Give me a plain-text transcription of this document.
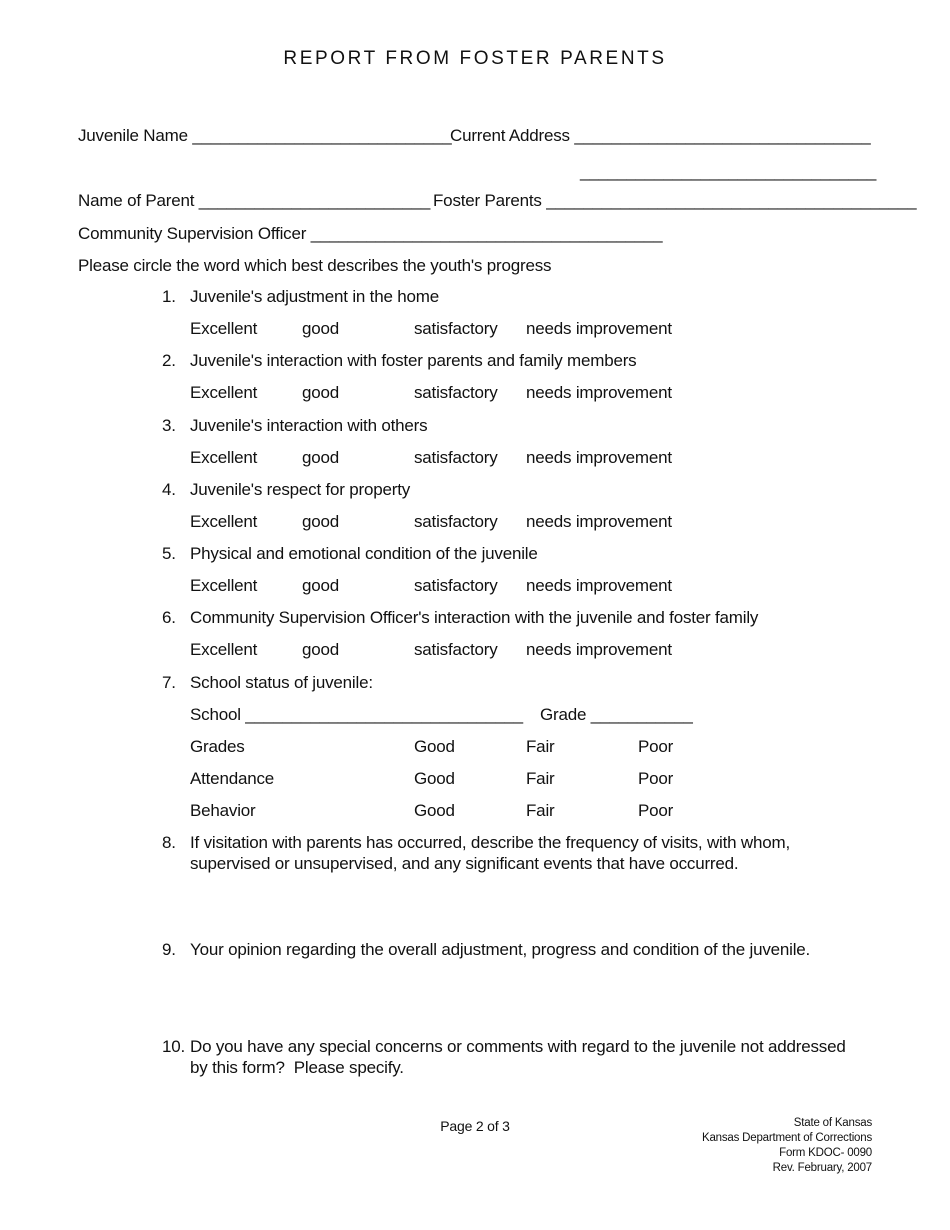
REPORT FROM FOSTER PARENTS
Juvenile Name ____________________________
Current Address ________________________________
________________________________
Name of Parent _________________________ Foster Parents ________________________________________
Community Supervision Officer ______________________________________
Please circle the word which best describes the youth's progress
1. Juvenile's adjustment in the home
Excellent	good	satisfactory needs improvement
2. Juvenile's interaction with foster parents and family members
Excellent	good	satisfactory needs improvement
3. Juvenile's interaction with others
Excellent	good	satisfactory needs improvement
4. Juvenile's respect for property
Excellent	good	satisfactory needs improvement
5. Physical and emotional condition of the juvenile
Excellent	good	satisfactory needs improvement
6. Community Supervision Officer's interaction with the juvenile and foster family
Excellent	good	satisfactory needs improvement
7. School status of juvenile:
School ______________________________ Grade ___________
Grades	Good	Fair	Poor
Attendance	Good	Fair	Poor
Behavior	Good	Fair	Poor
8. If visitation with parents has occurred, describe the frequency of visits, with whom,
supervised or unsupervised, and any significant events that have occurred.
9. Your opinion regarding the overall adjustment, progress and condition of the juvenile.
10. Do you have any special concerns or comments with regard to the juvenile not addressed
by this form?  Please specify.
Page 2 of 3	State of Kansas
Kansas Department of Corrections
Form KDOC- 0090
Rev. February, 2007
